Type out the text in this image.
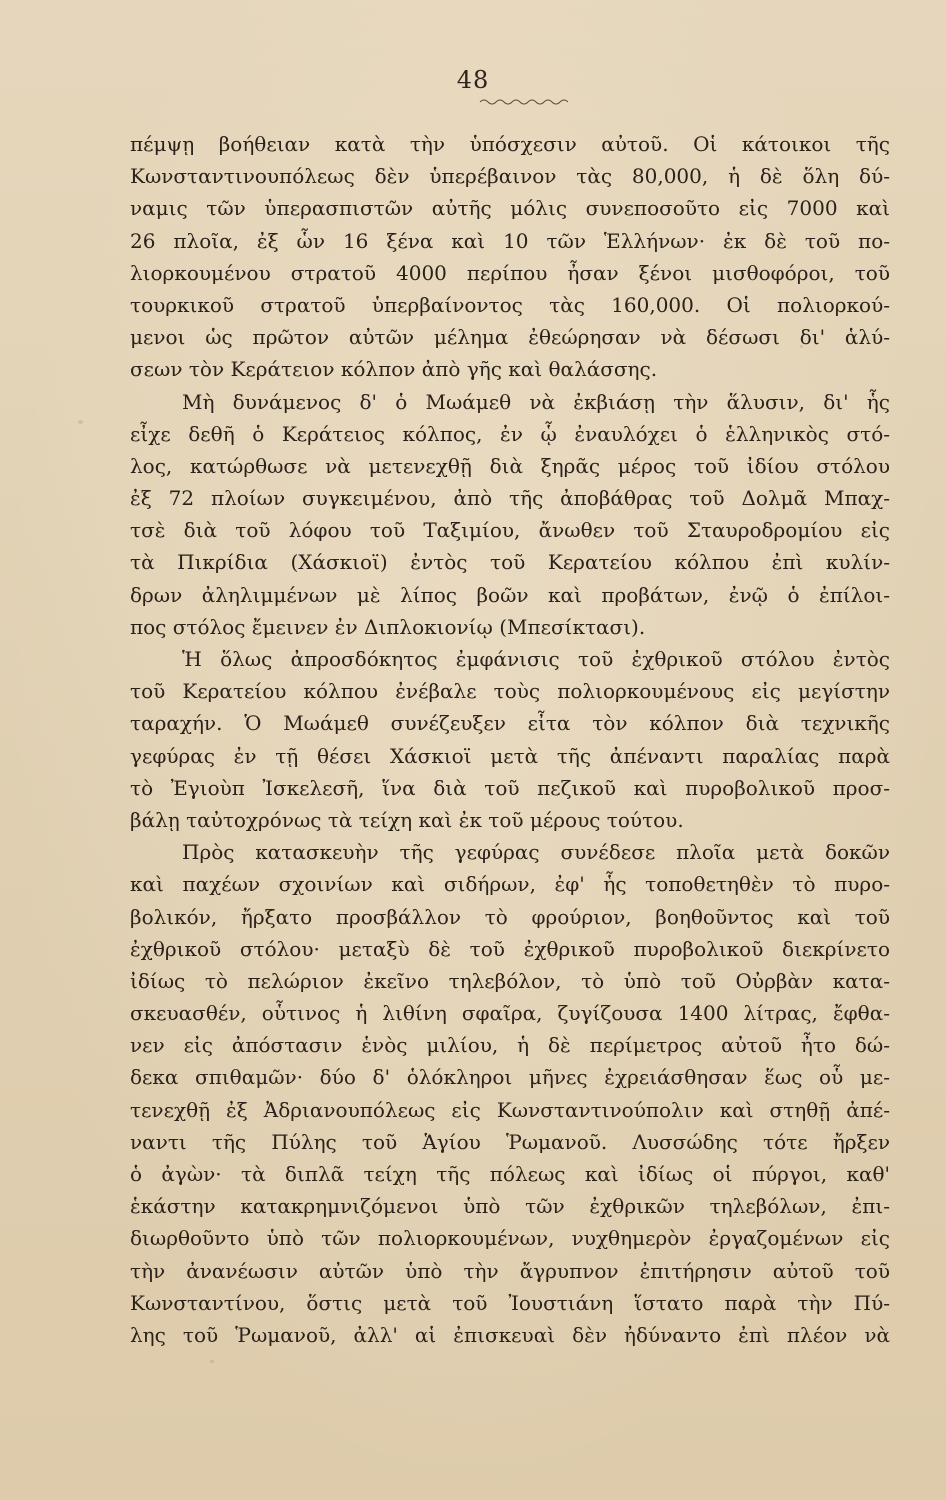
48
πέμψῃ βοήθειαν κατὰ τὴν ὑπόσχεσιν αὐτοῦ. Οἱ κάτοικοι τῆς
Κωνσταντινουπόλεως δὲν ὑπερέβαινον τὰς 80,000, ἡ δὲ ὅλη δύ-
ναμις τῶν ὑπερασπιστῶν αὐτῆς μόλις συνεποσοῦτο εἰς 7000 καὶ
26 πλοῖα, ἐξ ὧν 16 ξένα καὶ 10 τῶν Ἑλλήνων· ἐκ δὲ τοῦ πο-
λιορκουμένου στρατοῦ 4000 περίπου ἦσαν ξένοι μισθοφόροι, τοῦ
τουρκικοῦ στρατοῦ ὑπερβαίνοντος τὰς 160,000. Οἱ πολιορκού-
μενοι ὡς πρῶτον αὐτῶν μέλημα ἐθεώρησαν νὰ δέσωσι δι' ἁλύ-
σεων τὸν Κεράτειον κόλπον ἀπὸ γῆς καὶ θαλάσσης.
Μὴ δυνάμενος δ' ὁ Μωάμεθ νὰ ἐκβιάσῃ τὴν ἅλυσιν, δι' ἧς
εἶχε δεθῆ ὁ Κεράτειος κόλπος, ἐν ᾧ ἐναυλόχει ὁ ἑλληνικὸς στό-
λος, κατώρθωσε νὰ μετενεχθῇ διὰ ξηρᾶς μέρος τοῦ ἰδίου στόλου
ἐξ 72 πλοίων συγκειμένου, ἀπὸ τῆς ἀποβάθρας τοῦ Δολμᾶ Μπαχ-
τσὲ διὰ τοῦ λόφου τοῦ Ταξιμίου, ἄνωθεν τοῦ Σταυροδρομίου εἰς
τὰ Πικρίδια (Χάσκιοϊ) ἐντὸς τοῦ Κερατείου κόλπου ἐπὶ κυλίν-
δρων ἀληλιμμένων μὲ λίπος βοῶν καὶ προβάτων, ἐνῷ ὁ ἐπίλοι-
πος στόλος ἔμεινεν ἐν Διπλοκιονίῳ (Μπεσίκτασι).
Ἡ ὅλως ἀπροσδόκητος ἐμφάνισις τοῦ ἐχθρικοῦ στόλου ἐντὸς
τοῦ Κερατείου κόλπου ἐνέβαλε τοὺς πολιορκουμένους εἰς μεγίστην
ταραχήν. Ὁ Μωάμεθ συνέζευξεν εἶτα τὸν κόλπον διὰ τεχνικῆς
γεφύρας ἐν τῇ θέσει Χάσκιοϊ μετὰ τῆς ἀπέναντι παραλίας παρὰ
τὸ Ἐγιοὺπ Ἰσκελεσῆ, ἵνα διὰ τοῦ πεζικοῦ καὶ πυροβολικοῦ προσ-
βάλῃ ταὐτοχρόνως τὰ τείχη καὶ ἐκ τοῦ μέρους τούτου.
Πρὸς κατασκευὴν τῆς γεφύρας συνέδεσε πλοῖα μετὰ δοκῶν
καὶ παχέων σχοινίων καὶ σιδήρων, ἐφ' ἧς τοποθετηθὲν τὸ πυρο-
βολικόν, ἤρξατο προσβάλλον τὸ φρούριον, βοηθοῦντος καὶ τοῦ
ἐχθρικοῦ στόλου· μεταξὺ δὲ τοῦ ἐχθρικοῦ πυροβολικοῦ διεκρίνετο
ἰδίως τὸ πελώριον ἐκεῖνο τηλεβόλον, τὸ ὑπὸ τοῦ Οὐρβὰν κατα-
σκευασθέν, οὗτινος ἡ λιθίνη σφαῖρα, ζυγίζουσα 1400 λίτρας, ἔφθα-
νεν εἰς ἀπόστασιν ἑνὸς μιλίου, ἡ δὲ περίμετρος αὐτοῦ ἦτο δώ-
δεκα σπιθαμῶν· δύο δ' ὁλόκληροι μῆνες ἐχρειάσθησαν ἕως οὗ με-
τενεχθῇ ἐξ Ἀδριανουπόλεως εἰς Κωνσταντινούπολιν καὶ στηθῇ ἀπέ-
ναντι τῆς Πύλης τοῦ Ἁγίου Ῥωμανοῦ. Λυσσώδης τότε ἤρξεν
ὁ ἀγὼν· τὰ διπλᾶ τείχη τῆς πόλεως καὶ ἰδίως οἱ πύργοι, καθ'
ἑκάστην κατακρημνιζόμενοι ὑπὸ τῶν ἐχθρικῶν τηλεβόλων, ἐπι-
διωρθοῦντο ὑπὸ τῶν πολιορκουμένων, νυχθημερὸν ἐργαζομένων εἰς
τὴν ἀνανέωσιν αὐτῶν ὑπὸ τὴν ἄγρυπνον ἐπιτήρησιν αὐτοῦ τοῦ
Κωνσταντίνου, ὅστις μετὰ τοῦ Ἰουστιάνη ἵστατο παρὰ τὴν Πύ-
λης τοῦ Ῥωμανοῦ, ἀλλ' αἱ ἐπισκευαὶ δὲν ἠδύναντο ἐπὶ πλέον νὰ
